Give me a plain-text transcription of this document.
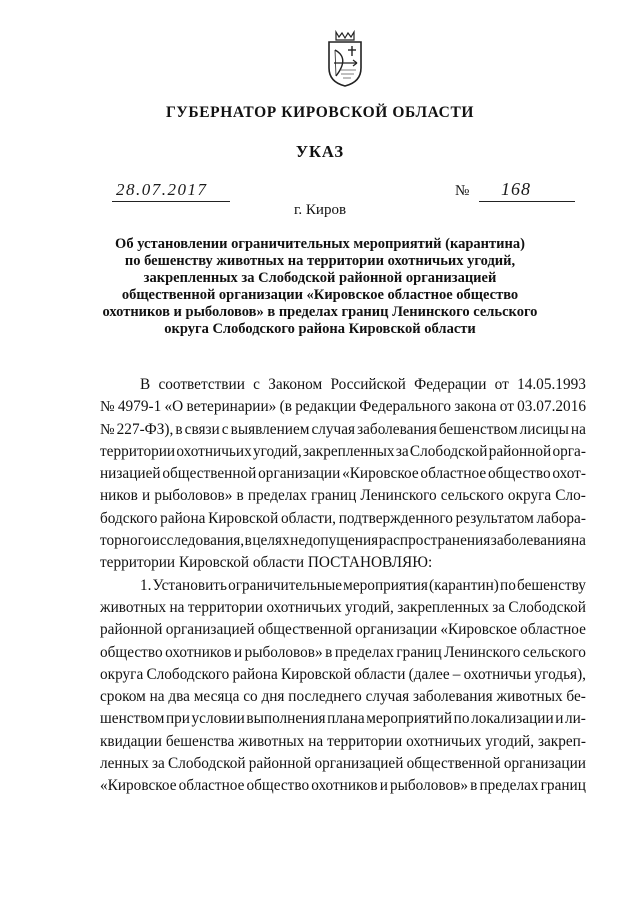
ГУБЕРНАТОР КИРОВСКОЙ ОБЛАСТИ
УКАЗ
28.07.2017	№ 168
г. Киров
Об установлении ограничительных мероприятий (карантина)
по бешенству животных на территории охотничьих угодий,
закрепленных за Слободской районной организацией
общественной организации «Кировское областное общество
охотников и рыболовов» в пределах границ Ленинского сельского
округа Слободского района Кировской области
В соответствии с Законом Российской Федерации от 14.05.1993
№ 4979-1 «О ветеринарии» (в редакции Федерального закона от 03.07.2016
№ 227-ФЗ), в связи с выявлением случая заболевания бешенством лисицы на
территории охотничьих угодий, закрепленных за Слободской районной орга-
низацией общественной организации «Кировское областное общество охот-
ников и рыболовов» в пределах границ Ленинского сельского округа Сло-
бодского района Кировской области, подтвержденного результатом лабора-
торного исследования, в целях недопущения распространения заболевания на
территории Кировской области ПОСТАНОВЛЯЮ:
1. Установить ограничительные мероприятия (карантин) по бешенству
животных на территории охотничьих угодий, закрепленных за Слободской
районной организацией общественной организации «Кировское областное
общество охотников и рыболовов» в пределах границ Ленинского сельского
округа Слободского района Кировской области (далее – охотничьи угодья),
сроком на два месяца со дня последнего случая заболевания животных бе-
шенством при условии выполнения плана мероприятий по локализации и ли-
квидации бешенства животных на территории охотничьих угодий, закреп-
ленных за Слободской районной организацией общественной организации
«Кировское областное общество охотников и рыболовов» в пределах границ
